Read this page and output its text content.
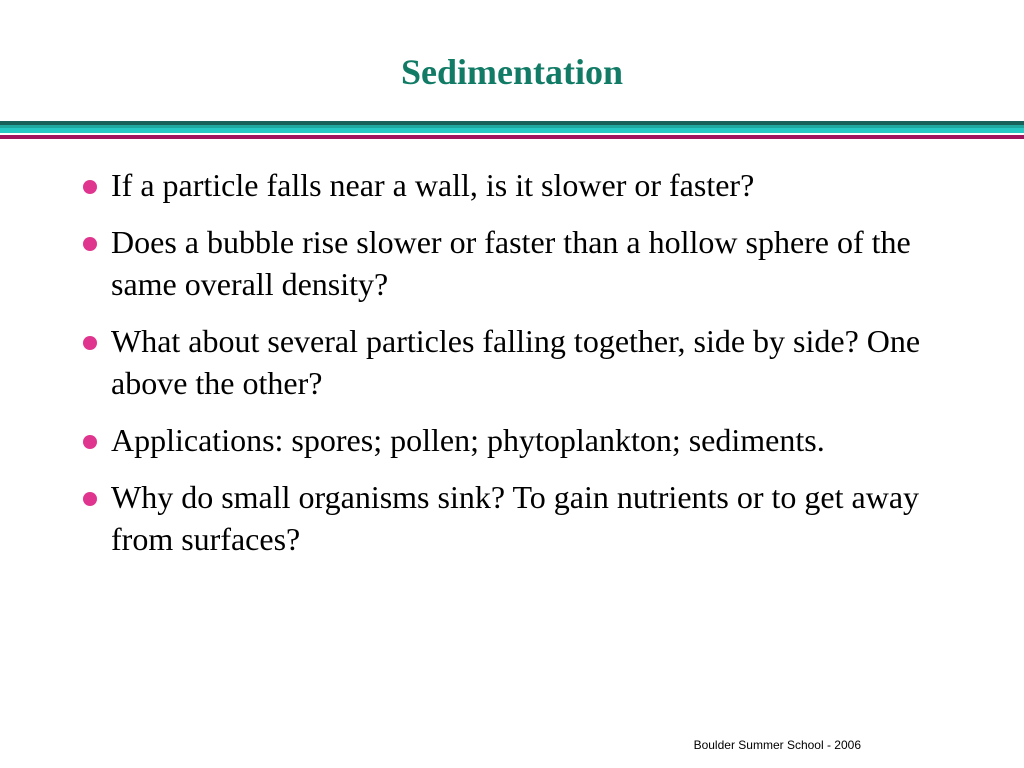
Sedimentation
If a particle falls near a wall, is it slower or faster?
Does a bubble rise slower or faster than a hollow sphere of the same overall density?
What about several particles falling together, side by side? One above the other?
Applications: spores; pollen; phytoplankton; sediments.
Why do small organisms sink? To gain nutrients or to get away from surfaces?
Boulder Summer School - 2006
